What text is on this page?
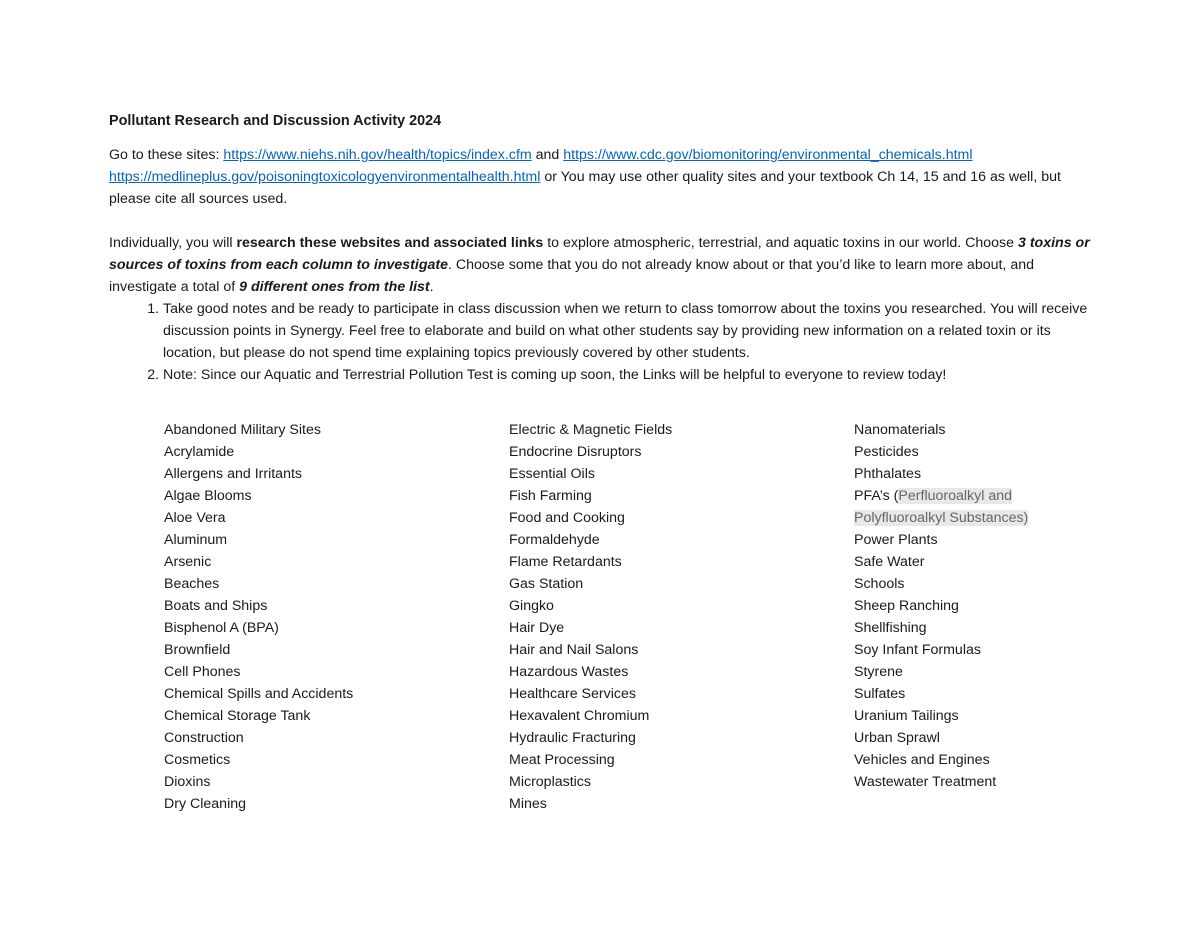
Pollutant Research and Discussion Activity 2024

Go to these sites: https://www.niehs.nih.gov/health/topics/index.cfm and https://www.cdc.gov/biomonitoring/environmental_chemicals.html
https://medlineplus.gov/poisoningtoxicologyenvironmentalhealth.html or You may use other quality sites and your textbook Ch 14, 15 and 16 as well, but please cite all sources used.

Individually, you will research these websites and associated links to explore atmospheric, terrestrial, and aquatic toxins in our world. Choose 3 toxins or sources of toxins from each column to investigate. Choose some that you do not already know about or that you’d like to learn more about, and investigate a total of 9 different ones from the list.

1. Take good notes and be ready to participate in class discussion when we return to class tomorrow about the toxins you researched. You will receive discussion points in Synergy. Feel free to elaborate and build on what other students say by providing new information on a related toxin or its location, but please do not spend time explaining topics previously covered by other students.
2. Note: Since our Aquatic and Terrestrial Pollution Test is coming up soon, the Links will be helpful to everyone to review today!
Abandoned Military Sites
Acrylamide
Allergens and Irritants
Algae Blooms
Aloe Vera
Aluminum
Arsenic
Beaches
Boats and Ships
Bisphenol A (BPA)
Brownfield
Cell Phones
Chemical Spills and Accidents
Chemical Storage Tank
Construction
Cosmetics
Dioxins
Dry Cleaning
Electric & Magnetic Fields
Endocrine Disruptors
Essential Oils
Fish Farming
Food and Cooking
Formaldehyde
Flame Retardants
Gas Station
Gingko
Hair Dye
Hair and Nail Salons
Hazardous Wastes
Healthcare Services
Hexavalent Chromium
Hydraulic Fracturing
Meat Processing
Microplastics
Mines
Nanomaterials
Pesticides
Phthalates
PFA’s (Perfluoroalkyl and
Polyfluoroalkyl Substances)
Power Plants
Safe Water
Schools
Sheep Ranching
Shellfishing
Soy Infant Formulas
Styrene
Sulfates
Uranium Tailings
Urban Sprawl
Vehicles and Engines
Wastewater Treatment
